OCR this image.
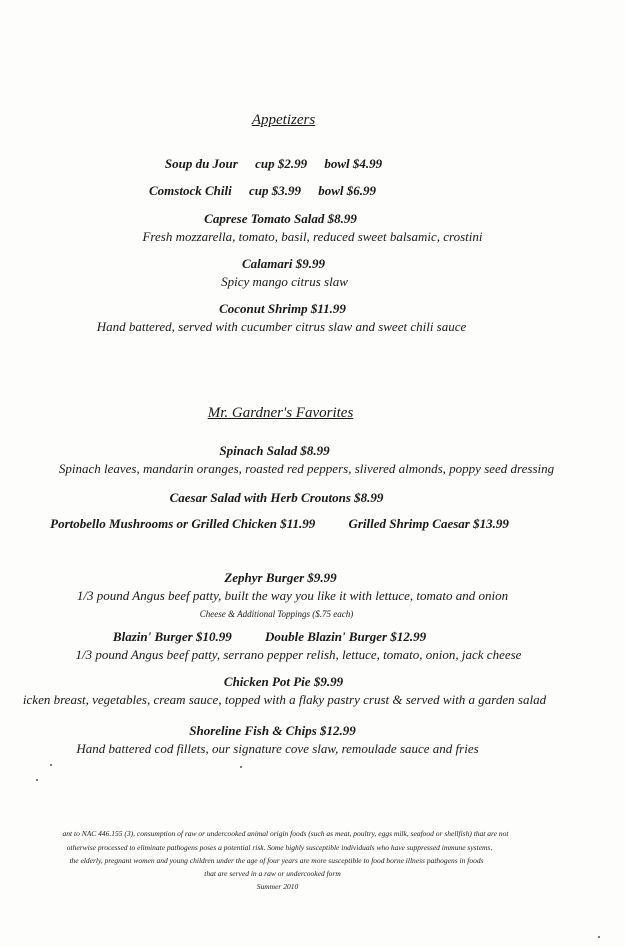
Appetizers
Soup du Jour cup $2.99 bowl $4.99
Comstock Chili cup $3.99 bowl $6.99
Caprese Tomato Salad $8.99
Fresh mozzarella, tomato, basil, reduced sweet balsamic, crostini
Calamari $9.99
Spicy mango citrus slaw
Coconut Shrimp $11.99
Hand battered, served with cucumber citrus slaw and sweet chili sauce
Mr. Gardner's Favorites
Spinach Salad $8.99
Spinach leaves, mandarin oranges, roasted red peppers, slivered almonds, poppy seed dressing
Caesar Salad with Herb Croutons $8.99
Portobello Mushrooms or Grilled Chicken $11.99	Grilled Shrimp Caesar $13.99
Zephyr Burger $9.99
1/3 pound Angus beef patty, built the way you like it with lettuce, tomato and onion
Cheese & Additional Toppings ($.75 each)
Blazin' Burger $10.99	Double Blazin' Burger $12.99
1/3 pound Angus beef patty, serrano pepper relish, lettuce, tomato, onion, jack cheese
Chicken Pot Pie $9.99
icken breast, vegetables, cream sauce, topped with a flaky pastry crust & served with a garden salad
Shoreline Fish & Chips $12.99
Hand battered cod fillets, our signature cove slaw, remoulade sauce and fries
ant to NAC 446.155 (3), consumption of raw or undercooked animal origin foods (such as meat, poultry, eggs milk, seafood or shellfish) that are not
otherwise processed to eliminate pathogens poses a potential risk. Some highly susceptible individuals who have suppressed immune systems,
the elderly, pregnant women and young children under the age of four years are more susceptible to food borne illness pathogens in foods
that are served in a raw or undercooked form
Summer 2010
